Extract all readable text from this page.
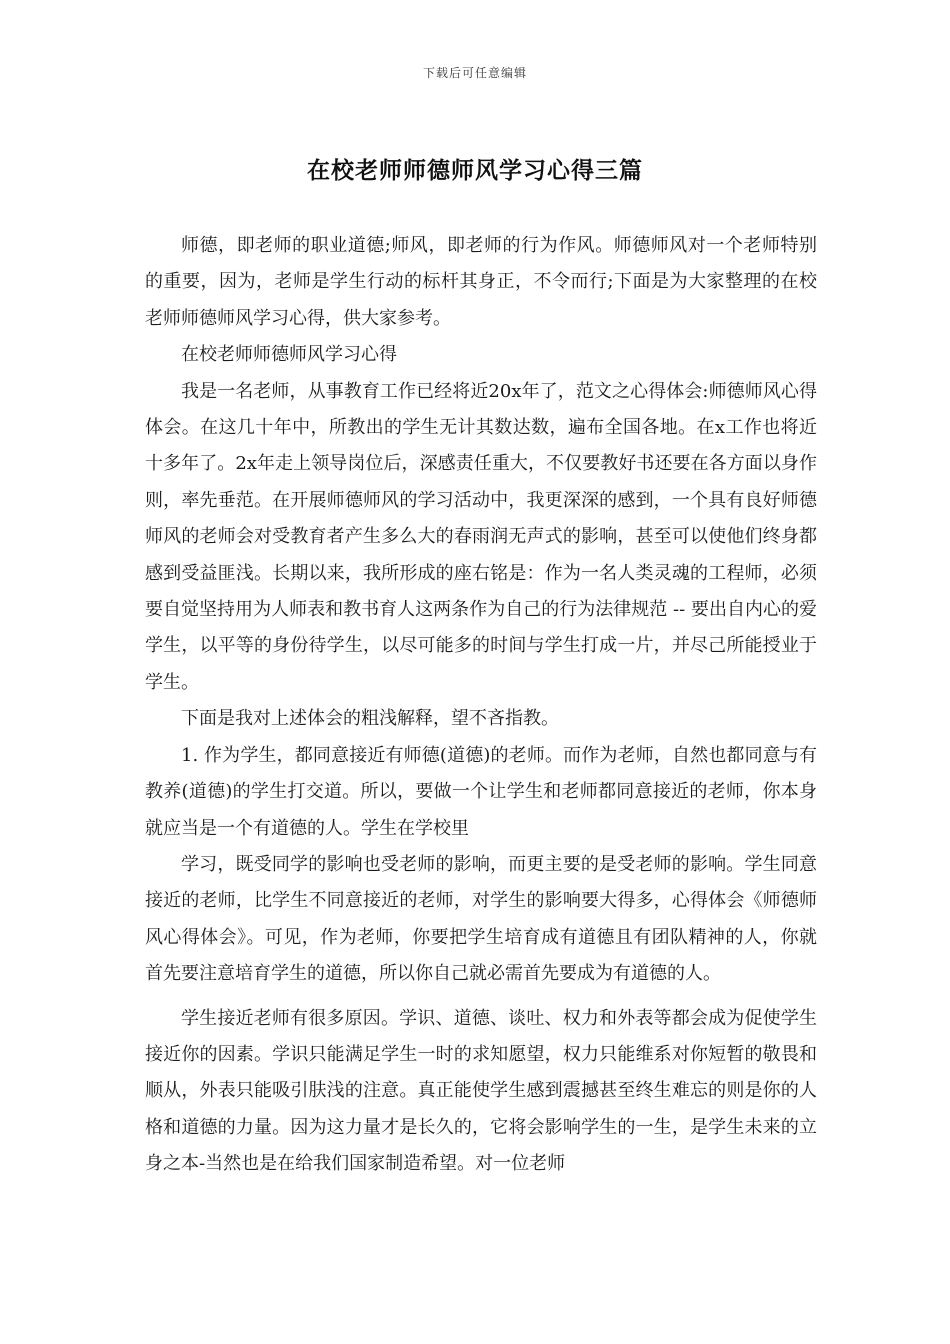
下载后可任意编辑
在校老师师德师风学习心得三篇

师德，即老师的职业道德;师风，即老师的行为作风。师德师风对一个老师特别的重要，因为，老师是学生行动的标杆其身正，不令而行;下面是为大家整理的在校老师师德师风学习心得，供大家参考。

在校老师师德师风学习心得

我是一名老师，从事教育工作已经将近20x年了，范文之心得体会:师德师风心得体会。在这几十年中，所教出的学生无计其数达数，遍布全国各地。在x工作也将近十多年了。2x年走上领导岗位后，深感责任重大，不仅要教好书还要在各方面以身作则，率先垂范。在开展师德师风的学习活动中，我更深深的感到，一个具有良好师德师风的老师会对受教育者产生多么大的春雨润无声式的影响，甚至可以使他们终身都感到受益匪浅。长期以来，我所形成的座右铭是：作为一名人类灵魂的工程师，必须要自觉坚持用为人师表和教书育人这两条作为自己的行为法律规范 -- 要出自内心的爱学生，以平等的身份待学生，以尽可能多的时间与学生打成一片，并尽己所能授业于学生。

下面是我对上述体会的粗浅解释，望不吝指教。

1. 作为学生，都同意接近有师德(道德)的老师。而作为老师，自然也都同意与有教养(道德)的学生打交道。所以，要做一个让学生和老师都同意接近的老师，你本身就应当是一个有道德的人。学生在学校里

学习，既受同学的影响也受老师的影响，而更主要的是受老师的影响。学生同意接近的老师，比学生不同意接近的老师，对学生的影响要大得多，心得体会《师德师风心得体会》。可见，作为老师，你要把学生培育成有道德且有团队精神的人，你就首先要注意培育学生的道德，所以你自己就必需首先要成为有道德的人。

学生接近老师有很多原因。学识、道德、谈吐、权力和外表等都会成为促使学生接近你的因素。学识只能满足学生一时的求知愿望，权力只能维系对你短暂的敬畏和顺从，外表只能吸引肤浅的注意。真正能使学生感到震撼甚至终生难忘的则是你的人格和道德的力量。因为这力量才是长久的，它将会影响学生的一生，是学生未来的立身之本-当然也是在给我们国家制造希望。对一位老师
